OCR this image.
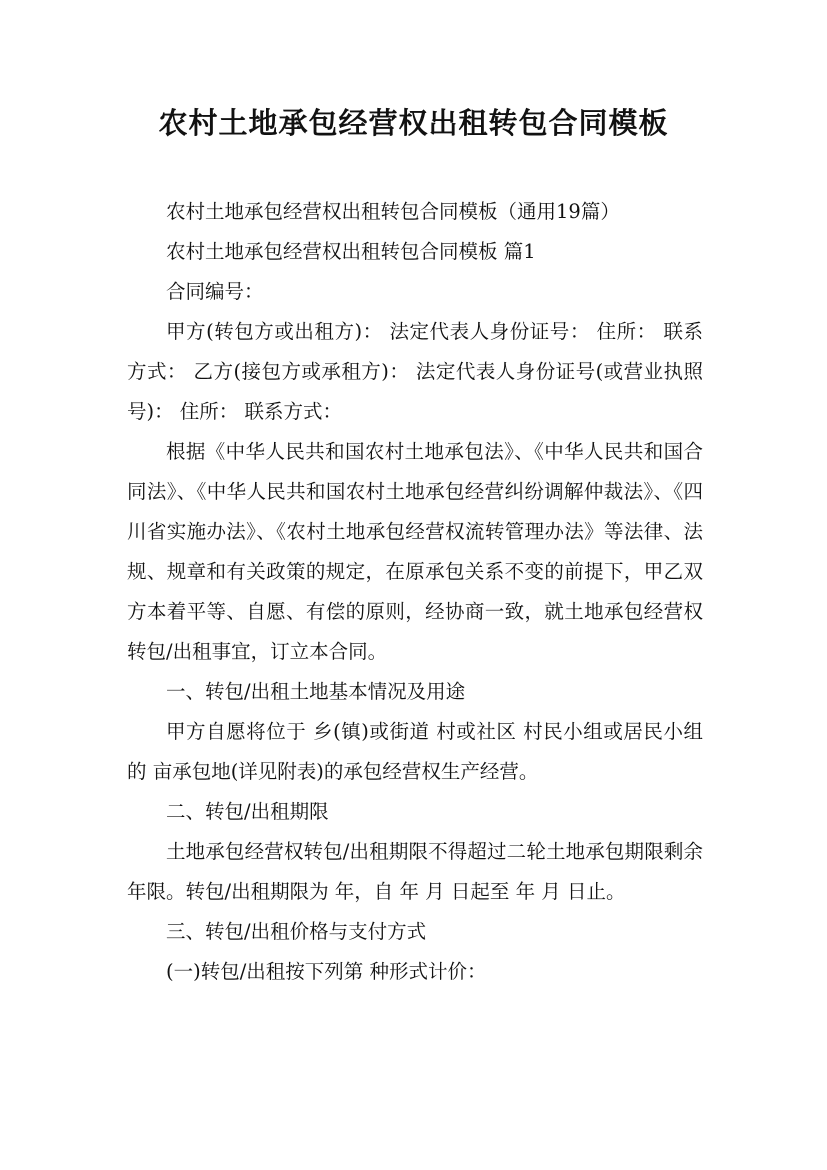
农村土地承包经营权出租转包合同模板

农村土地承包经营权出租转包合同模板（通用19篇）

农村土地承包经营权出租转包合同模板 篇1

合同编号：

甲方(转包方或出租方)： 法定代表人身份证号： 住所： 联系方式： 乙方(接包方或承租方)： 法定代表人身份证号(或营业执照号)： 住所： 联系方式：

根据《中华人民共和国农村土地承包法》、《中华人民共和国合同法》、《中华人民共和国农村土地承包经营纠纷调解仲裁法》、《四川省实施办法》、《农村土地承包经营权流转管理办法》等法律、法规、规章和有关政策的规定，在原承包关系不变的前提下，甲乙双方本着平等、自愿、有偿的原则，经协商一致，就土地承包经营权转包/出租事宜，订立本合同。

一、转包/出租土地基本情况及用途

甲方自愿将位于 乡(镇)或街道 村或社区 村民小组或居民小组的 亩承包地(详见附表)的承包经营权生产经营。

二、转包/出租期限

土地承包经营权转包/出租期限不得超过二轮土地承包期限剩余年限。转包/出租期限为 年，自 年 月 日起至 年 月 日止。

三、转包/出租价格与支付方式

(一)转包/出租按下列第 种形式计价：
